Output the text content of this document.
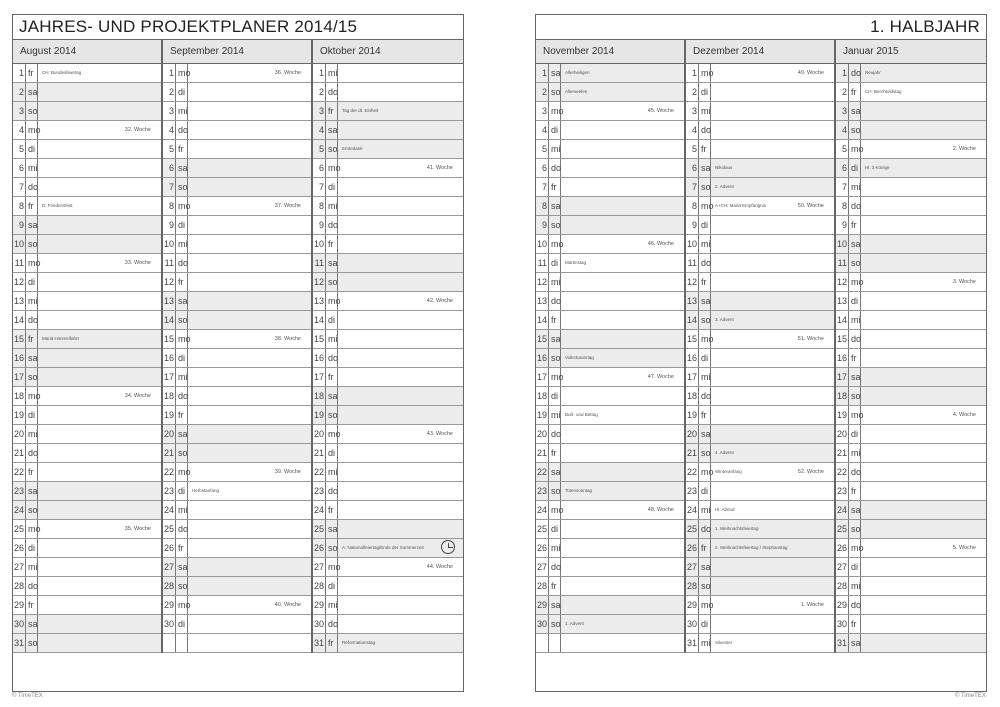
JAHRES- UND PROJEKTPLANER 2014/15
August 2014
1 fr	CH: Bundesfeiertag
2 sa
3 so
4 mo	32. Woche
5 di
6 mi
7 do
8 fr	D: Friedensfest
9 sa
10 so
11 mo	33. Woche
12 di
13 mi
14 do
15 fr	Mariä Himmelfahrt
16 sa
17 so
18 mo	34. Woche
19 di
20 mi
21 do
22 fr
23 sa
24 so
25 mo	35. Woche
26 di
27 mi
28 do
29 fr
30 sa
31 so
September 2014
1 mo	36. Woche
2 di
3 mi
4 do
5 fr
6 sa
7 so
8 mo	37. Woche
9 di
10 mi
11 do
12 fr
13 sa
14 so
15 mo	38. Woche
16 di
17 mi
18 do
19 fr
20 sa
21 so
22 mo	39. Woche
23 di	Herbstanfang
24 mi
25 do
26 fr
27 sa
28 so
29 mo	40. Woche
30 di
Oktober 2014
1 mi
2 do
3 fr	Tag der dt. Einheit
4 sa
5 so Erntedank
6 mo	41. Woche
7 di
8 mi
9 do
10 fr
11 sa
12 so
13 mo	42. Woche
14 di
15 mi
16 do
17 fr
18 sa
19 so
20 mo	43. Woche
21 di
22 mi
23 do
24 fr
25 sa
26 so A: Nationalfeiertag/Ende der Sommerzeit
27 mo	44. Woche
28 di
29 mi
30 do
31 fr	Reformationstag
© TimeTEX
1. HALBJAHR
November 2014
1 sa Allerheiligen
2 so Allerseelen
3 mo	45. Woche
4 di
5 mi
6 do
7 fr
8 sa
9 so
10 mo	46. Woche
11 di	Martinstag
12 mi
13 do
14 fr
15 sa
16 so Volkstrauertag
17 mo	47. Woche
18 di
19 mi	Buß- und Bettag
20 do
21 fr
22 sa
23 so Totensonntag
24 mo	48. Woche
25 di
26 mi
27 do
28 fr
29 sa
30 so 1. Advent
Dezember 2014
1 mo	49. Woche
2 di
3 mi
4 do
5 fr
6 sa Nikolaus
7 so 2. Advent
8 mo A+CH: Mariä Empfängnis	50. Woche
9 di
10 mi
11 do
12 fr
13 sa
14 so 3. Advent
15 mo	51. Woche
16 di
17 mi
18 do
19 fr
20 sa
21 so 4. Advent
22 mo Winteranfang	52. Woche
23 di
24 mi	Hl. Abend
25 do 1. Weihnachtsfeiertag
26 fr	2. Weihnachtsfeiertag / Stephanstag
27 sa
28 so
29 mo	1. Woche
30 di
31 mi	Silvester
Januar 2015
1 do Neujahr
2 fr	CH: Berchtoldstag
3 sa
4 so
5 mo	2. Woche
6 di	Hl. 3 Könige
7 mi
8 do
9 fr
10 sa
11 so
12 mo	3. Woche
13 di
14 mi
15 do
16 fr
17 sa
18 so
19 mo	4. Woche
20 di
21 mi
22 do
23 fr
24 sa
25 so
26 mo	5. Woche
27 di
28 mi
29 do
30 fr
31 sa
© TimeTEX
